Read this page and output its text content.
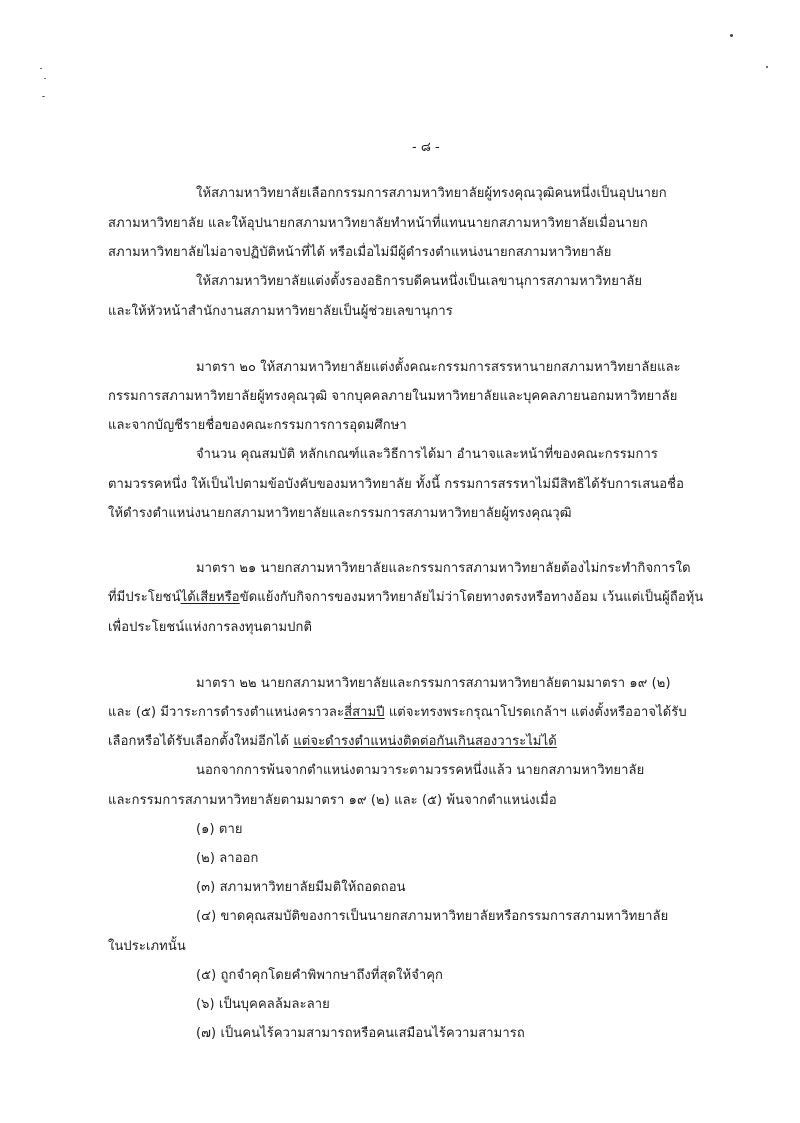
- ๘ -
ให้สภามหาวิทยาลัยเลือกกรรมการสภามหาวิทยาลัยผู้ทรงคุณวุฒิคนหนึ่งเป็นอุปนายก
สภามหาวิทยาลัย และให้อุปนายกสภามหาวิทยาลัยทำหน้าที่แทนนายกสภามหาวิทยาลัยเมื่อนายก
สภามหาวิทยาลัยไม่อาจปฏิบัติหน้าที่ได้ หรือเมื่อไม่มีผู้ดำรงตำแหน่งนายกสภามหาวิทยาลัย
ให้สภามหาวิทยาลัยแต่งตั้งรองอธิการบดีคนหนึ่งเป็นเลขานุการสภามหาวิทยาลัย
และให้หัวหน้าสำนักงานสภามหาวิทยาลัยเป็นผู้ช่วยเลขานุการ
มาตรา ๒๐ ให้สภามหาวิทยาลัยแต่งตั้งคณะกรรมการสรรหานายกสภามหาวิทยาลัยและ
กรรมการสภามหาวิทยาลัยผู้ทรงคุณวุฒิ จากบุคคลภายในมหาวิทยาลัยและบุคคลภายนอกมหาวิทยาลัย
และจากบัญชีรายชื่อของคณะกรรมการการอุดมศึกษา
จำนวน คุณสมบัติ หลักเกณฑ์และวิธีการได้มา อำนาจและหน้าที่ของคณะกรรมการ
ตามวรรคหนึ่ง ให้เป็นไปตามข้อบังคับของมหาวิทยาลัย ทั้งนี้ กรรมการสรรหาไม่มีสิทธิได้รับการเสนอชื่อ
ให้ดำรงตำแหน่งนายกสภามหาวิทยาลัยและกรรมการสภามหาวิทยาลัยผู้ทรงคุณวุฒิ
มาตรา ๒๑ นายกสภามหาวิทยาลัยและกรรมการสภามหาวิทยาลัยต้องไม่กระทำกิจการใด
ที่มีประโยชน์ได้เสียหรือขัดแย้งกับกิจการของมหาวิทยาลัยไม่ว่าโดยทางตรงหรือทางอ้อม เว้นแต่เป็นผู้ถือหุ้น
เพื่อประโยชน์แห่งการลงทุนตามปกติ
มาตรา ๒๒ นายกสภามหาวิทยาลัยและกรรมการสภามหาวิทยาลัยตามมาตรา ๑๙ (๒)
และ (๕) มีวาระการดำรงตำแหน่งคราวละสี่สามปี แต่จะทรงพระกรุณาโปรดเกล้าฯ แต่งตั้งหรืออาจได้รับ
เลือกหรือได้รับเลือกตั้งใหม่อีกได้ แต่จะดำรงตำแหน่งติดต่อกันเกินสองวาระไม่ได้
นอกจากการพ้นจากตำแหน่งตามวาระตามวรรคหนึ่งแล้ว นายกสภามหาวิทยาลัย
และกรรมการสภามหาวิทยาลัยตามมาตรา ๑๙ (๒) และ (๕) พ้นจากตำแหน่งเมื่อ
(๑) ตาย
(๒) ลาออก
(๓) สภามหาวิทยาลัยมีมติให้ถอดถอน
(๔) ขาดคุณสมบัติของการเป็นนายกสภามหาวิทยาลัยหรือกรรมการสภามหาวิทยาลัย
ในประเภทนั้น
(๕) ถูกจำคุกโดยคำพิพากษาถึงที่สุดให้จำคุก
(๖) เป็นบุคคลล้มละลาย
(๗) เป็นคนไร้ความสามารถหรือคนเสมือนไร้ความสามารถ
